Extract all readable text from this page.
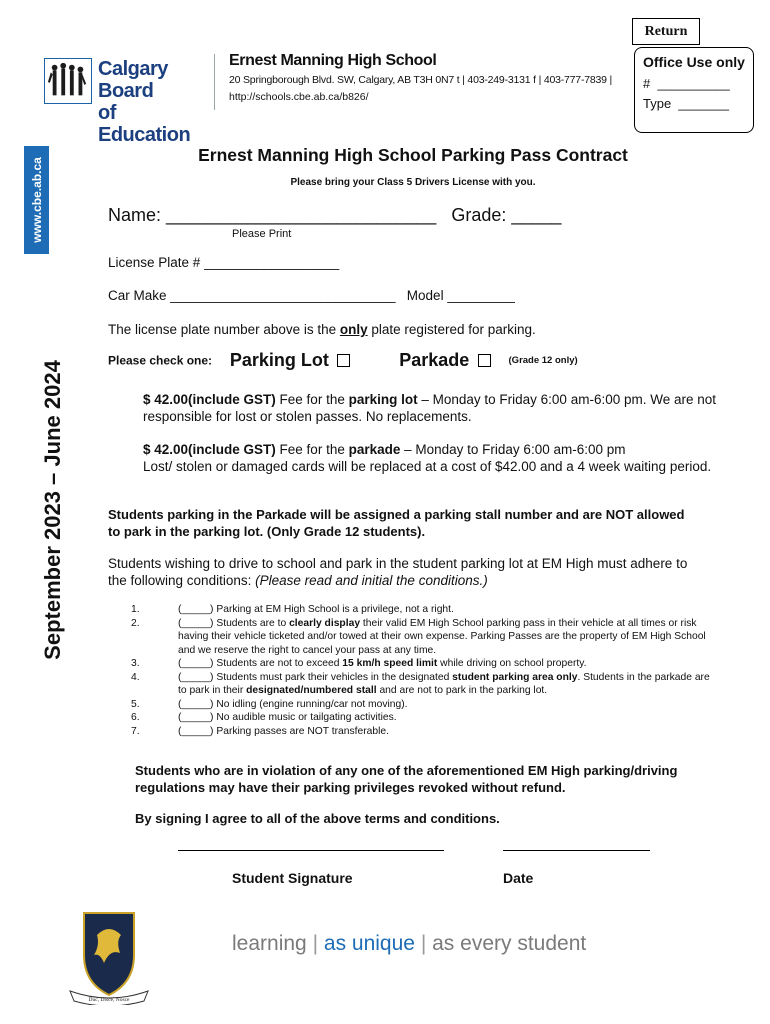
Return
Office Use only
# __________
Type _______
Calgary Board
of Education
Ernest Manning High School
20 Springborough Blvd. SW, Calgary, AB T3H 0N7 t | 403-249-3131 f | 403-777-7839 |
http://schools.cbe.ab.ca/b826/
www.cbe.ab.ca
September 2023 – June 2024
Ernest Manning High School Parking Pass Contract
Please bring your Class 5 Drivers License with you.
Name: ___________________________ Grade: _____
Please Print
License Plate # __________________
Car Make ______________________________ Model _________
The license plate number above is the only plate registered for parking.
Please check one: Parking Lot	Parkade	(Grade 12 only)
$ 42.00(include GST) Fee for the parking lot – Monday to Friday 6:00 am-6:00 pm. We are not responsible for lost or stolen passes. No replacements.
$ 42.00(include GST) Fee for the parkade – Monday to Friday 6:00 am-6:00 pm
Lost/ stolen or damaged cards will be replaced at a cost of $42.00 and a 4 week waiting period.
Students parking in the Parkade will be assigned a parking stall number and are NOT allowed to park in the parking lot. (Only Grade 12 students).
Students wishing to drive to school and park in the student parking lot at EM High must adhere to the following conditions: (Please read and initial the conditions.)
1.	(_____) Parking at EM High School is a privilege, not a right.
2.	(_____) Students are to clearly display their valid EM High School parking pass in their vehicle at all times or risk having their vehicle ticketed and/or towed at their own expense. Parking Passes are the property of EM High School and we reserve the right to cancel your pass at any time.
3.	(_____) Students are not to exceed 15 km/h speed limit while driving on school property.
4.	(_____) Students must park their vehicles in the designated student parking area only. Students in the parkade are to park in their designated/numbered stall and are not to park in the parking lot.
5.	(_____) No idling (engine running/car not moving).
6.	(_____) No audible music or tailgating activities.
7.	(_____) Parking passes are NOT transferable.
Students who are in violation of any one of the aforementioned EM High parking/driving regulations may have their parking privileges revoked without refund.
By signing I agree to all of the above terms and conditions.
Student Signature	Date
Duc, Disce, Nosce
learning | as unique | as every student
